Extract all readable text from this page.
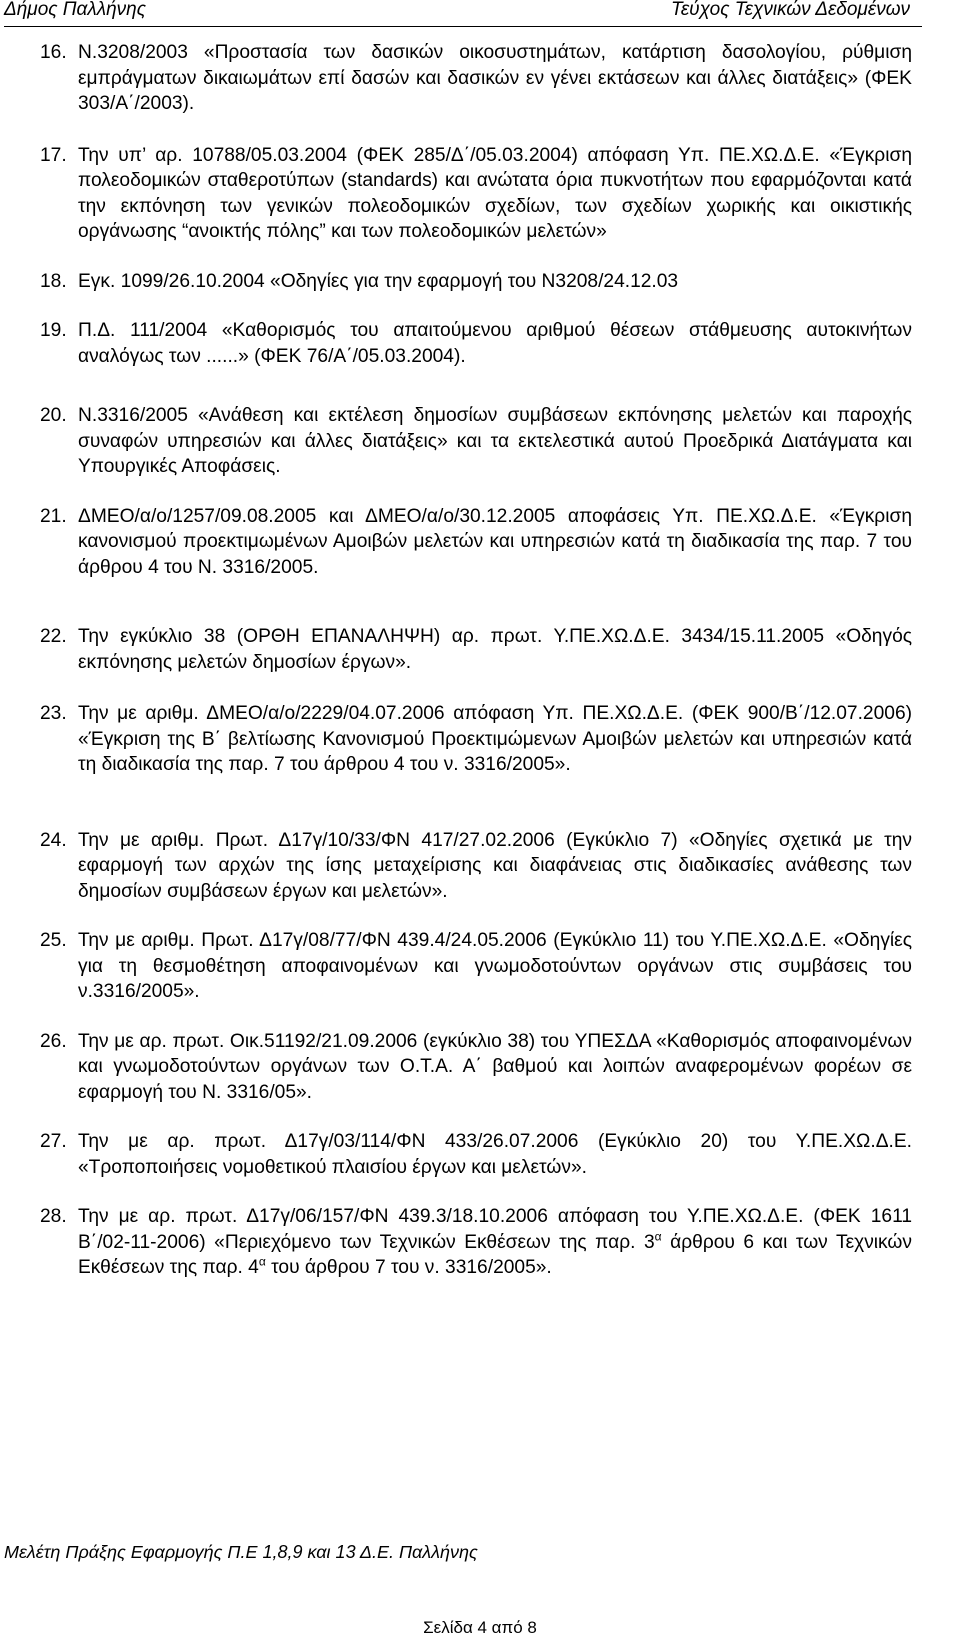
Δήμος Παλλήνης	Τεύχος Τεχνικών Δεδομένων
16. Ν.3208/2003 «Προστασία των δασικών οικοσυστημάτων, κατάρτιση δασολογίου, ρύθμιση εμπράγματων δικαιωμάτων επί δασών και δασικών εν γένει εκτάσεων και άλλες διατάξεις» (ΦΕΚ 303/Α΄/2003).
17. Την υπ’ αρ. 10788/05.03.2004 (ΦΕΚ 285/Δ΄/05.03.2004) απόφαση Υπ. ΠΕ.ΧΩ.Δ.Ε. «Έγκριση πολεοδομικών σταθεροτύπων (standards) και ανώτατα όρια πυκνοτήτων που εφαρμόζονται κατά την εκπόνηση των γενικών πολεοδομικών σχεδίων, των σχεδίων χωρικής και οικιστικής οργάνωσης “ανοικτής πόλης” και των πολεοδομικών μελετών»
18. Εγκ. 1099/26.10.2004 «Οδηγίες για την εφαρμογή του Ν3208/24.12.03
19. Π.Δ. 111/2004 «Καθορισμός του απαιτούμενου αριθμού θέσεων στάθμευσης αυτοκινήτων αναλόγως των ......» (ΦΕΚ 76/Α΄/05.03.2004).
20. Ν.3316/2005 «Ανάθεση και εκτέλεση δημοσίων συμβάσεων εκπόνησης μελετών και παροχής συναφών υπηρεσιών και άλλες διατάξεις» και τα εκτελεστικά αυτού Προεδρικά Διατάγματα και Υπουργικές Αποφάσεις.
21. ΔΜΕΟ/α/ο/1257/09.08.2005 και ΔΜΕΟ/α/ο/30.12.2005 αποφάσεις Υπ. ΠΕ.ΧΩ.Δ.Ε. «Έγκριση κανονισμού προεκτιμωμένων Αμοιβών μελετών και υπηρεσιών κατά τη διαδικασία της παρ. 7 του άρθρου 4 του Ν. 3316/2005.
22. Την εγκύκλιο 38 (ΟΡΘΗ ΕΠΑΝΑΛΗΨΗ) αρ. πρωτ. Υ.ΠΕ.ΧΩ.Δ.Ε. 3434/15.11.2005 «Οδηγός εκπόνησης μελετών δημοσίων έργων».
23. Την με αριθμ. ΔΜΕΟ/α/ο/2229/04.07.2006 απόφαση Υπ. ΠΕ.ΧΩ.Δ.Ε. (ΦΕΚ 900/Β΄/12.07.2006) «Έγκριση της Β΄ βελτίωσης Κανονισμού Προεκτιμώμενων Αμοιβών μελετών και υπηρεσιών κατά τη διαδικασία της παρ. 7 του άρθρου 4 του ν. 3316/2005».
24. Την με αριθμ. Πρωτ. Δ17γ/10/33/ΦΝ 417/27.02.2006 (Εγκύκλιο 7) «Οδηγίες σχετικά με την εφαρμογή των αρχών της ίσης μεταχείρισης και διαφάνειας στις διαδικασίες ανάθεσης των δημοσίων συμβάσεων έργων και μελετών».
25. Την με αριθμ. Πρωτ. Δ17γ/08/77/ΦΝ 439.4/24.05.2006 (Εγκύκλιο 11) του Υ.ΠΕ.ΧΩ.Δ.Ε. «Οδηγίες για τη θεσμοθέτηση αποφαινομένων και γνωμοδοτούντων οργάνων στις συμβάσεις του ν.3316/2005».
26. Την με αρ. πρωτ. Οικ.51192/21.09.2006 (εγκύκλιο 38) του ΥΠΕΣΔΑ «Καθορισμός αποφαινομένων και γνωμοδοτούντων οργάνων των Ο.Τ.Α. Α΄ βαθμού και λοιπών αναφερομένων φορέων σε εφαρμογή του Ν. 3316/05».
27. Την με αρ. πρωτ. Δ17γ/03/114/ΦΝ 433/26.07.2006 (Εγκύκλιο 20) του Υ.ΠΕ.ΧΩ.Δ.Ε. «Τροποποιήσεις νομοθετικού πλαισίου έργων και μελετών».
28. Την με αρ. πρωτ. Δ17γ/06/157/ΦΝ 439.3/18.10.2006 απόφαση του Υ.ΠΕ.ΧΩ.Δ.Ε. (ΦΕΚ 1611 Β΄/02-11-2006) «Περιεχόμενο των Τεχνικών Εκθέσεων της παρ. $3^\alpha$ άρθρου 6 και των Τεχνικών Εκθέσεων της παρ. $4^\alpha$ του άρθρου 7 του ν. 3316/2005».
Μελέτη Πράξης Εφαρμογής Π.Ε 1,8,9 και 13 Δ.Ε. Παλλήνης
Σελίδα 4 από 8
